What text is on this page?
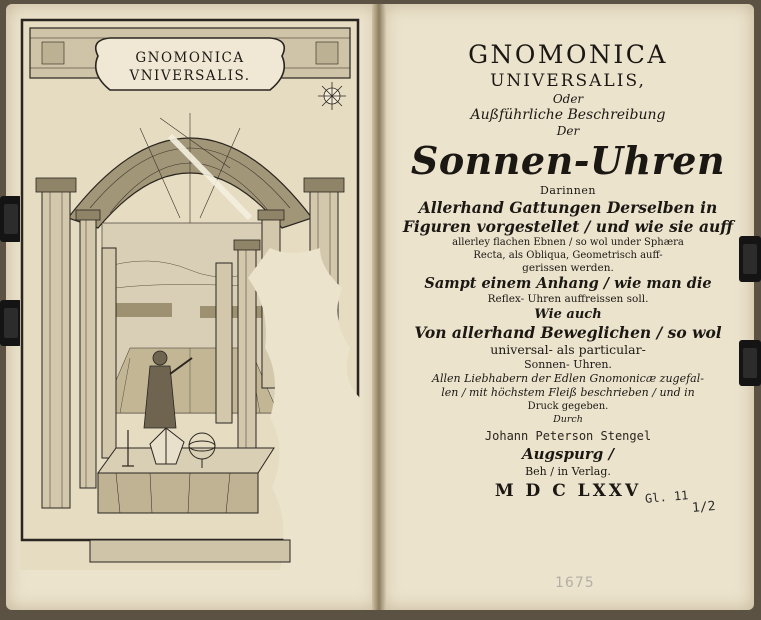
GNOMONICA
VNIVERSALIS.
GNOMONICA
UNIVERSALIS,
Oder
Außführliche Beschreibung
Der
Sonnen-Uhren
Darinnen
Allerhand Gattungen Derselben in
Figuren vorgestellet / und wie sie auff
allerley flachen Ebnen / so wol under Sphæra
Recta, als Obliqua, Geometrisch auff-
gerissen werden.
Sampt einem Anhang / wie man die
Reflex- Uhren auffreissen soll.
Wie auch
Von allerhand Beweglichen / so wol
universal- als particular-
Sonnen- Uhren.
Allen Liebhabern der Edlen Gnomonicæ zugefal-
len / mit höchstem Fleiß beschrieben / und in
Druck gegeben.
Durch
Johann Peterson Stengel
Augspurg /
Beh / in Verlag.
M D C LXXV Gl. 11
1/2
1675
